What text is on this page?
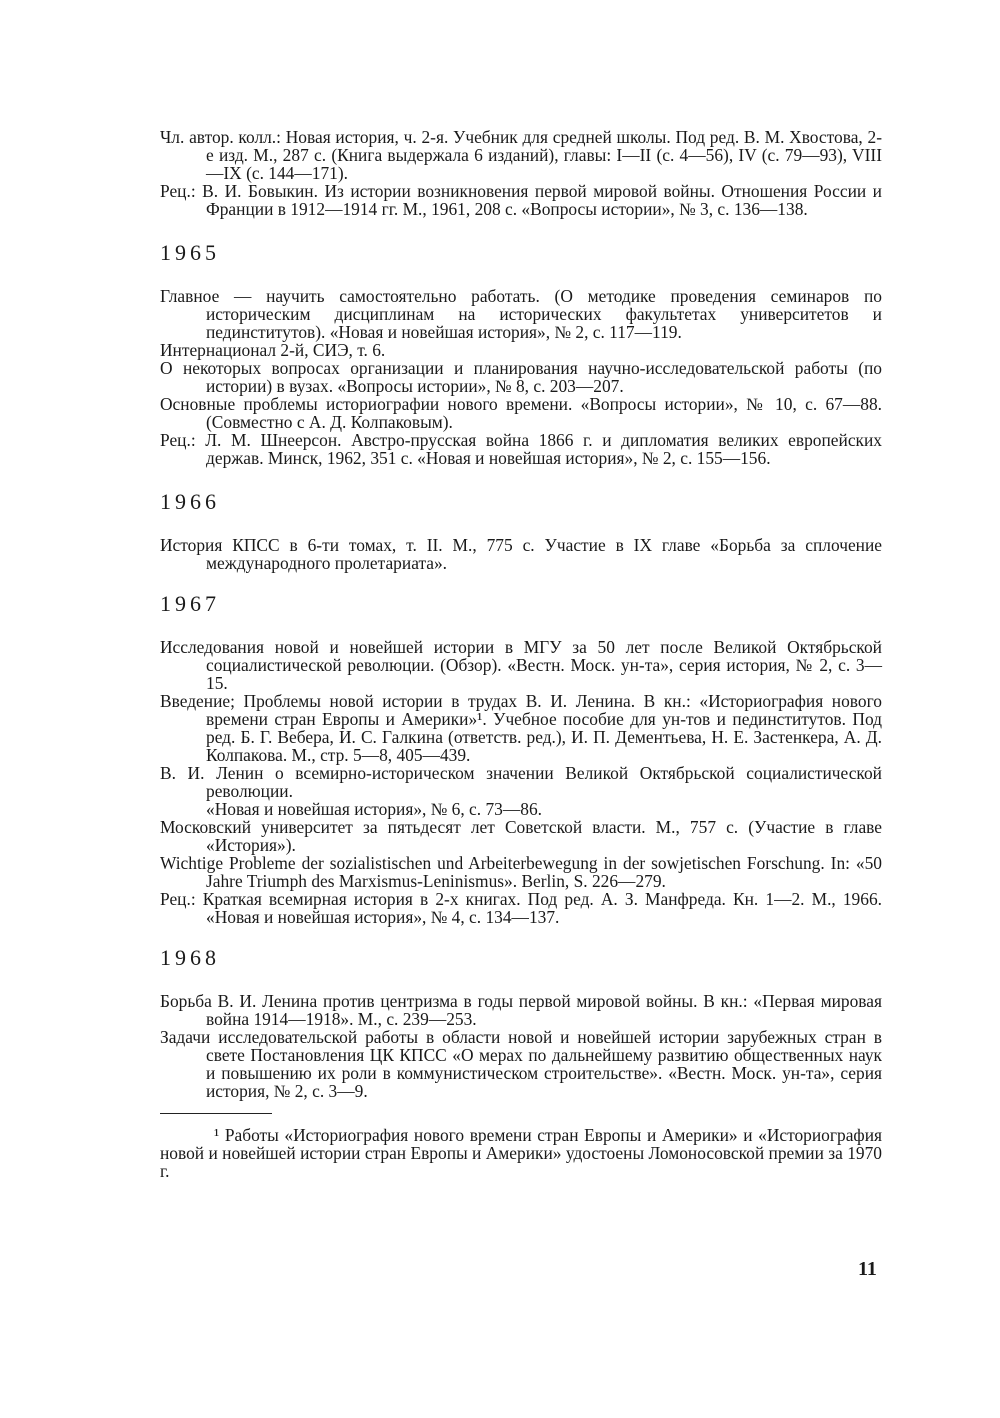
Чл. автор. колл.: Новая история, ч. 2-я. Учебник для средней школы. Под ред. В. М. Хвостова, 2-е изд. М., 287 с. (Книга выдержала 6 изданий), главы: I—II (с. 4—56), IV (с. 79—93), VIII—IX (с. 144—171).

Рец.: В. И. Бовыкин. Из истории возникновения первой мировой войны. Отношения России и Франции в 1912—1914 гг. М., 1961, 208 с. «Вопросы истории», № 3, с. 136—138.

1965

Главное — научить самостоятельно работать. (О методике проведения семинаров по историческим дисциплинам на исторических факультетах университетов и пединститутов). «Новая и новейшая история», № 2, с. 117—119.

Интернационал 2-й, СИЭ, т. 6.

О некоторых вопросах организации и планирования научно-исследовательской работы (по истории) в вузах. «Вопросы истории», № 8, с. 203—207.

Основные проблемы историографии нового времени. «Вопросы истории», № 10, с. 67—88. (Совместно с А. Д. Колпаковым).

Рец.: Л. М. Шнеерсон. Австро-прусская война 1866 г. и дипломатия великих европейских держав. Минск, 1962, 351 с. «Новая и новейшая история», № 2, с. 155—156.

1966

История КПСС в 6-ти томах, т. II. М., 775 с. Участие в IX главе «Борьба за сплочение международного пролетариата».

1967

Исследования новой и новейшей истории в МГУ за 50 лет после Великой Октябрьской социалистической революции. (Обзор). «Вестн. Моск. ун-та», серия история, № 2, с. 3—15.

Введение; Проблемы новой истории в трудах В. И. Ленина. В кн.: «Историография нового времени стран Европы и Америки»¹. Учебное пособие для ун-тов и пединститутов. Под ред. Б. Г. Вебера, И. С. Галкина (ответств. ред.), И. П. Дементьева, Н. Е. Застенкера, А. Д. Колпакова. М., стр. 5—8, 405—439.

В. И. Ленин о всемирно-историческом значении Великой Октябрьской социалистической революции.

«Новая и новейшая история», № 6, с. 73—86.

Московский университет за пятьдесят лет Советской власти. М., 757 с. (Участие в главе «История»).

Wichtige Probleme der sozialistischen und Arbeiterbewegung in der sowjetischen Forschung. In: «50 Jahre Triumph des Marxismus-Leninismus». Berlin, S. 226—279.

Рец.: Краткая всемирная история в 2-х книгах. Под ред. А. З. Манфреда. Кн. 1—2. М., 1966. «Новая и новейшая история», № 4, с. 134—137.

1968

Борьба В. И. Ленина против центризма в годы первой мировой войны. В кн.: «Первая мировая война 1914—1918». М., с. 239—253.

Задачи исследовательской работы в области новой и новейшей истории зарубежных стран в свете Постановления ЦК КПСС «О мерах по дальнейшему развитию общественных наук и повышению их роли в коммунистическом строительстве». «Вестн. Моск. ун-та», серия история, № 2, с. 3—9.

¹ Работы «Историография нового времени стран Европы и Америки» и «Историография новой и новейшей истории стран Европы и Америки» удостоены Ломоносовской премии за 1970 г.

11
